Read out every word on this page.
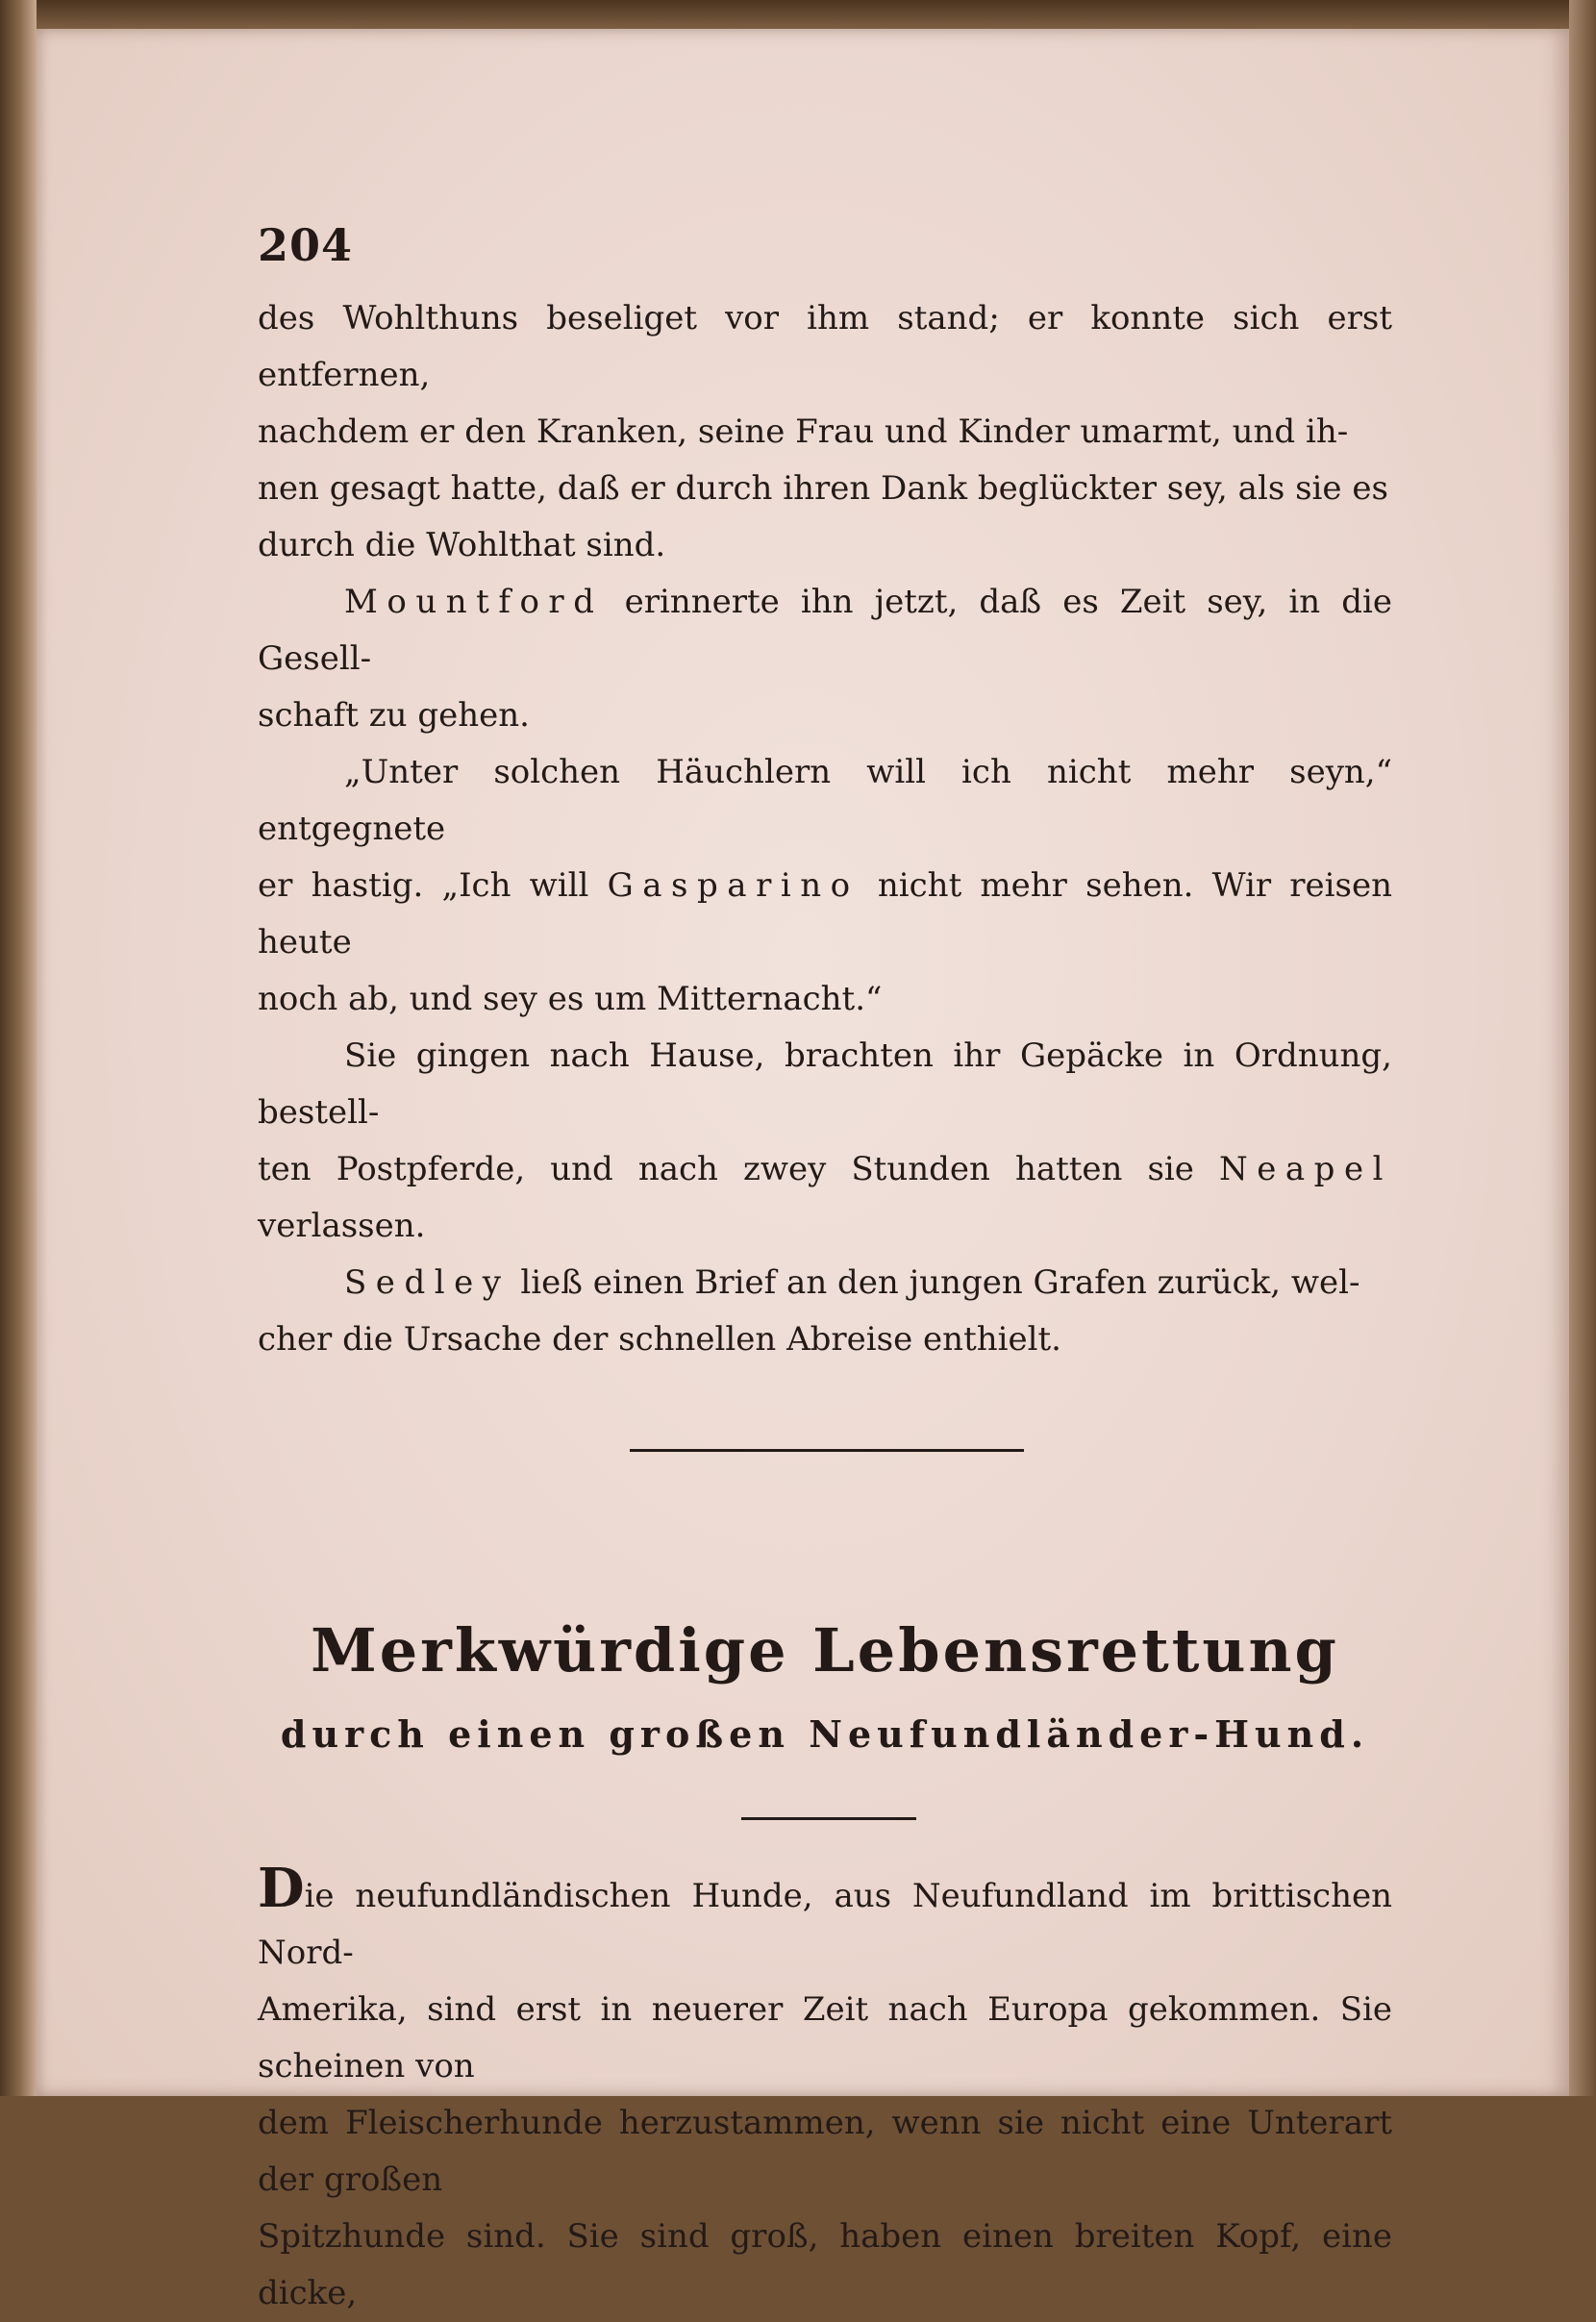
204

des Wohlthuns beseliget vor ihm stand; er konnte sich erst entfernen,

nachdem er den Kranken, seine Frau und Kinder umarmt, und ih-

nen gesagt hatte, daß er durch ihren Dank beglückter sey, als sie es

durch die Wohlthat sind.

Mountford erinnerte ihn jetzt, daß es Zeit sey, in die Gesell-

schaft zu gehen.

„Unter solchen Häuchlern will ich nicht mehr seyn,“ entgegnete

er hastig. „Ich will Gasparino nicht mehr sehen. Wir reisen heute

noch ab, und sey es um Mitternacht.“

Sie gingen nach Hause, brachten ihr Gepäcke in Ordnung, bestell-

ten Postpferde, und nach zwey Stunden hatten sie Neapel verlassen.

Sedley ließ einen Brief an den jungen Grafen zurück, wel-

cher die Ursache der schnellen Abreise enthielt.

Merkwürdige Lebensrettung
durch einen großen Neufundländer-Hund.

Die neufundländischen Hunde, aus Neufundland im brittischen Nord-

Amerika, sind erst in neuerer Zeit nach Europa gekommen. Sie scheinen von

dem Fleischerhunde herzustammen, wenn sie nicht eine Unterart der großen

Spitzhunde sind. Sie sind groß, haben einen breiten Kopf, eine dicke,
